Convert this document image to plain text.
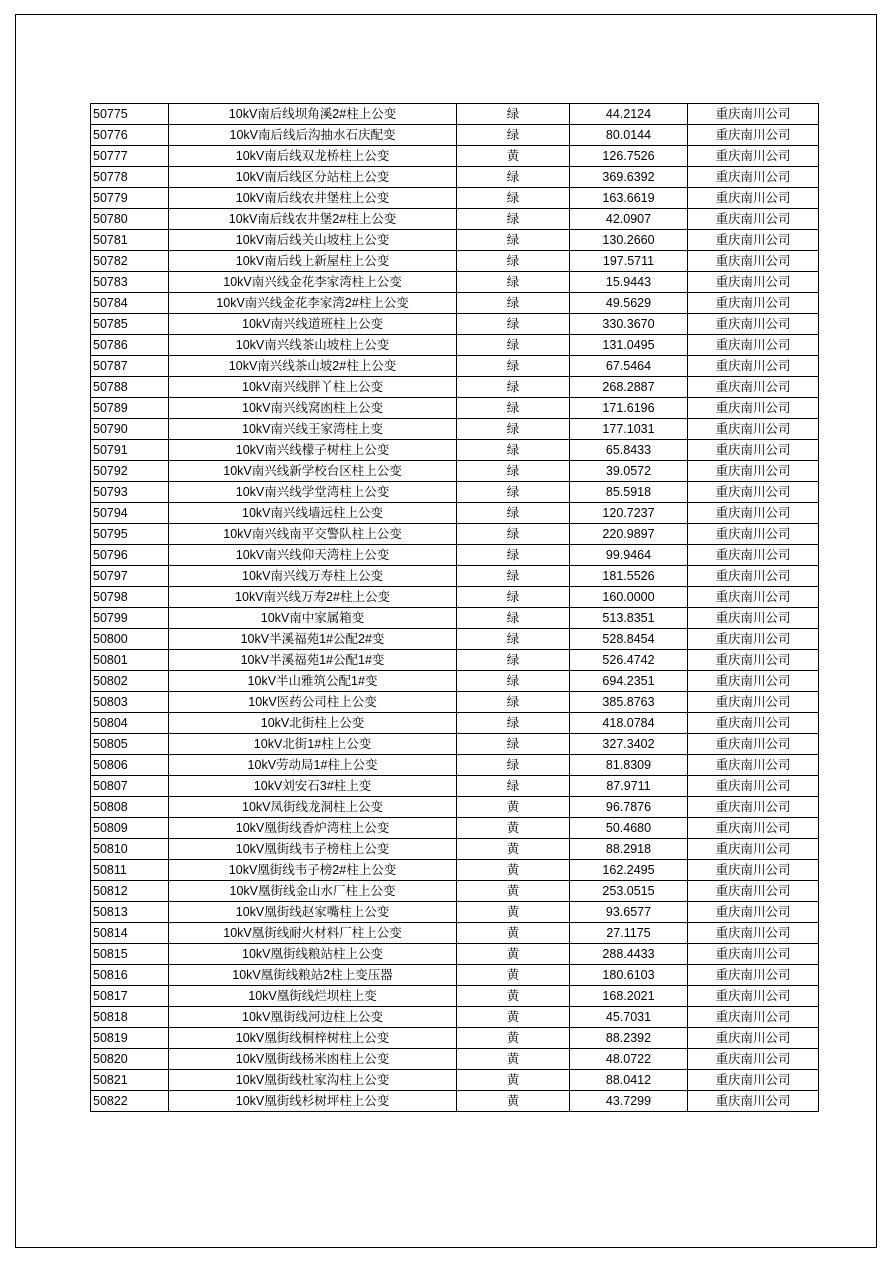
50775	10kV南后线坝角溪2#柱上公变	绿	44.2124	重庆南川公司
50776	10kV南后线后沟抽水石庆配变	绿	80.0144	重庆南川公司
50777	10kV南后线双龙桥柱上公变	黄	126.7526	重庆南川公司
50778	10kV南后线区分站柱上公变	绿	369.6392	重庆南川公司
50779	10kV南后线农井堡柱上公变	绿	163.6619	重庆南川公司
50780	10kV南后线农井堡2#柱上公变	绿	42.0907	重庆南川公司
50781	10kV南后线关山坡柱上公变	绿	130.2660	重庆南川公司
50782	10kV南后线上新屋柱上公变	绿	197.5711	重庆南川公司
50783	10kV南兴线金花李家湾柱上公变	绿	15.9443	重庆南川公司
50784	10kV南兴线金花李家湾2#柱上公变	绿	49.5629	重庆南川公司
50785	10kV南兴线道班柱上公变	绿	330.3670	重庆南川公司
50786	10kV南兴线茶山坡柱上公变	绿	131.0495	重庆南川公司
50787	10kV南兴线茶山坡2#柱上公变	绿	67.5464	重庆南川公司
50788	10kV南兴线胖丫柱上公变	绿	268.2887	重庆南川公司
50789	10kV南兴线窝凼柱上公变	绿	171.6196	重庆南川公司
50790	10kV南兴线王家湾柱上变	绿	177.1031	重庆南川公司
50791	10kV南兴线檬子树柱上公变	绿	65.8433	重庆南川公司
50792	10kV南兴线新学校台区柱上公变	绿	39.0572	重庆南川公司
50793	10kV南兴线学堂湾柱上公变	绿	85.5918	重庆南川公司
50794	10kV南兴线墙远柱上公变	绿	120.7237	重庆南川公司
50795	10kV南兴线南平交警队柱上公变	绿	220.9897	重庆南川公司
50796	10kV南兴线仰天湾柱上公变	绿	99.9464	重庆南川公司
50797	10kV南兴线万寿柱上公变	绿	181.5526	重庆南川公司
50798	10kV南兴线万寿2#柱上公变	绿	160.0000	重庆南川公司
50799	10kV南中家属箱变	绿	513.8351	重庆南川公司
50800	10kV半溪福苑1#公配2#变	绿	528.8454	重庆南川公司
50801	10kV半溪福苑1#公配1#变	绿	526.4742	重庆南川公司
50802	10kV半山雅筑公配1#变	绿	694.2351	重庆南川公司
50803	10kV医药公司柱上公变	绿	385.8763	重庆南川公司
50804	10kV北街柱上公变	绿	418.0784	重庆南川公司
50805	10kV北街1#柱上公变	绿	327.3402	重庆南川公司
50806	10kV劳动局1#柱上公变	绿	81.8309	重庆南川公司
50807	10kV刘安石3#柱上变	绿	87.9711	重庆南川公司
50808	10kV凤街线龙洞柱上公变	黄	96.7876	重庆南川公司
50809	10kV凰街线香炉湾柱上公变	黄	50.4680	重庆南川公司
50810	10kV凰街线韦子榜柱上公变	黄	88.2918	重庆南川公司
50811	10kV凰街线韦子榜2#柱上公变	黄	162.2495	重庆南川公司
50812	10kV凰街线金山水厂柱上公变	黄	253.0515	重庆南川公司
50813	10kV凰街线赵家嘴柱上公变	黄	93.6577	重庆南川公司
50814	10kV凰街线耐火材料厂柱上公变	黄	27.1175	重庆南川公司
50815	10kV凰街线粮站柱上公变	黄	288.4433	重庆南川公司
50816	10kV凰街线粮站2柱上变压器	黄	180.6103	重庆南川公司
50817	10kV凰街线烂坝柱上变	黄	168.2021	重庆南川公司
50818	10kV凰街线河边柱上公变	黄	45.7031	重庆南川公司
50819	10kV凰街线桐梓树柱上公变	黄	88.2392	重庆南川公司
50820	10kV凰街线杨米凼柱上公变	黄	48.0722	重庆南川公司
50821	10kV凰街线杜家沟柱上公变	黄	88.0412	重庆南川公司
50822	10kV凰街线杉树坪柱上公变	黄	43.7299	重庆南川公司
